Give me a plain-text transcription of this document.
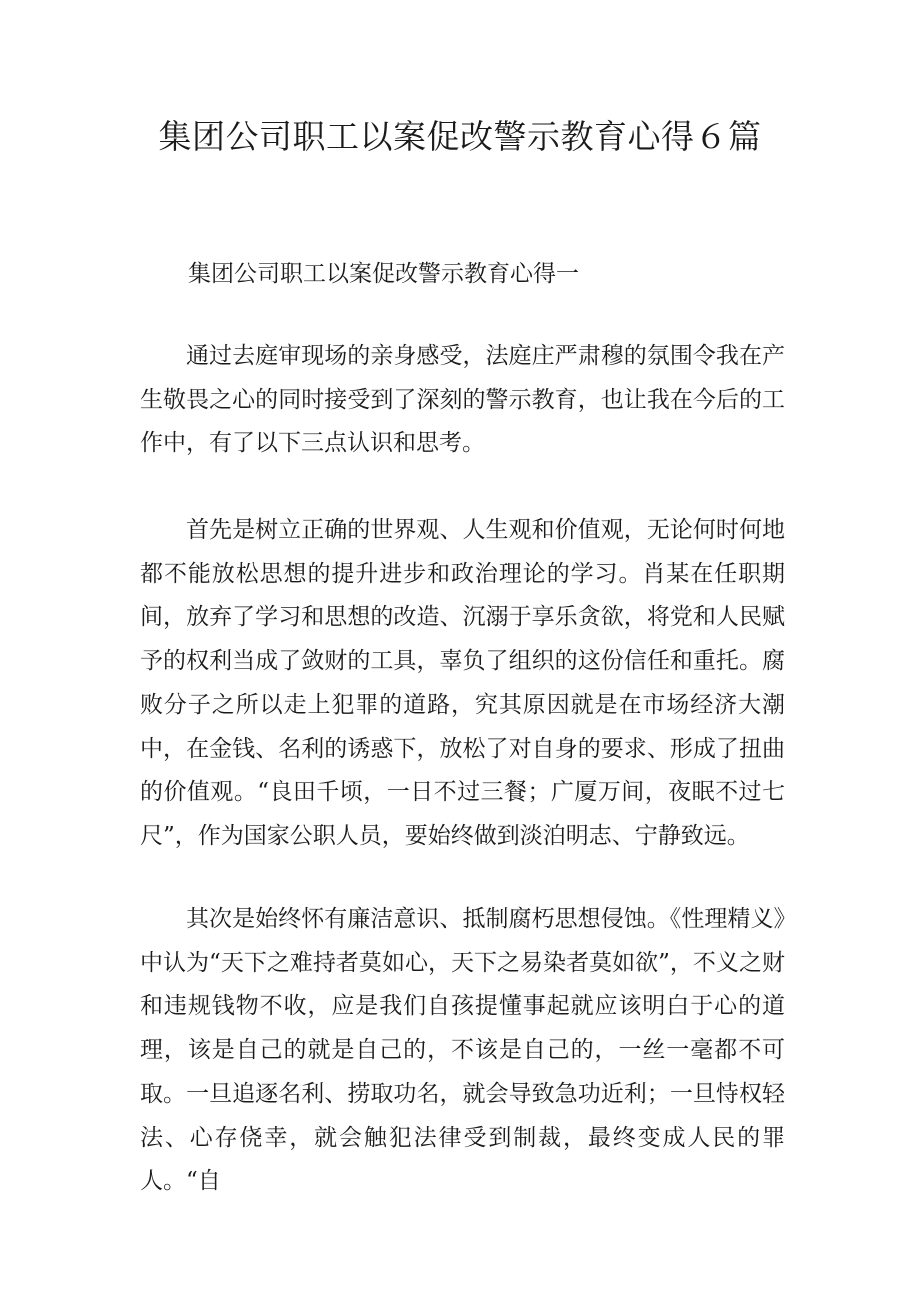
集团公司职工以案促改警示教育心得６篇
集团公司职工以案促改警示教育心得一

通过去庭审现场的亲身感受，法庭庄严肃穆的氛围令我在产生敬畏之心的同时接受到了深刻的警示教育，也让我在今后的工作中，有了以下三点认识和思考。

首先是树立正确的世界观、人生观和价值观，无论何时何地都不能放松思想的提升进步和政治理论的学习。肖某在任职期间，放弃了学习和思想的改造、沉溺于享乐贪欲，将党和人民赋予的权利当成了敛财的工具，辜负了组织的这份信任和重托。腐败分子之所以走上犯罪的道路，究其原因就是在市场经济大潮中，在金钱、名利的诱惑下，放松了对自身的要求、形成了扭曲的价值观。“良田千顷，一日不过三餐；广厦万间，夜眠不过七尺”，作为国家公职人员，要始终做到淡泊明志、宁静致远。

其次是始终怀有廉洁意识、抵制腐朽思想侵蚀。《性理精义》中认为“天下之难持者莫如心，天下之易染者莫如欲”，不义之财和违规钱物不收，应是我们自孩提懂事起就应该明白于心的道理，该是自己的就是自己的，不该是自己的，一丝一毫都不可取。一旦追逐名利、捞取功名，就会导致急功近利；一旦恃权轻法、心存侥幸，就会触犯法律受到制裁，最终变成人民的罪人。“自
